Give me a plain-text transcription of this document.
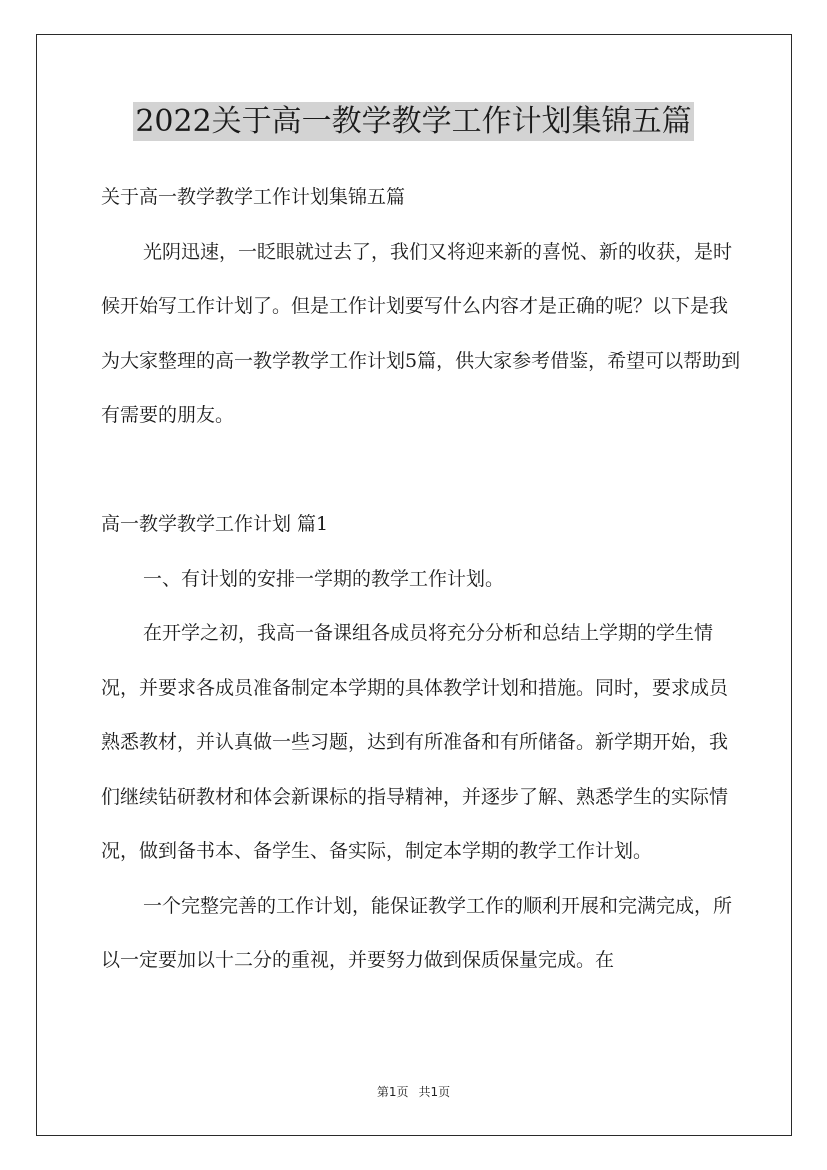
2022关于高一教学教学工作计划集锦五篇

关于高一教学教学工作计划集锦五篇

光阴迅速，一眨眼就过去了，我们又将迎来新的喜悦、新的收获，是时候开始写工作计划了。但是工作计划要写什么内容才是正确的呢？以下是我为大家整理的高一教学教学工作计划5篇，供大家参考借鉴，希望可以帮助到有需要的朋友。

高一教学教学工作计划 篇1

一、有计划的安排一学期的教学工作计划。

在开学之初，我高一备课组各成员将充分分析和总结上学期的学生情况，并要求各成员准备制定本学期的具体教学计划和措施。同时，要求成员熟悉教材，并认真做一些习题，达到有所准备和有所储备。新学期开始，我们继续钻研教材和体会新课标的指导精神，并逐步了解、熟悉学生的实际情况，做到备书本、备学生、备实际，制定本学期的教学工作计划。

一个完整完善的工作计划，能保证教学工作的顺利开展和完满完成，所以一定要加以十二分的重视，并要努力做到保质保量完成。在

第1页 共1页
